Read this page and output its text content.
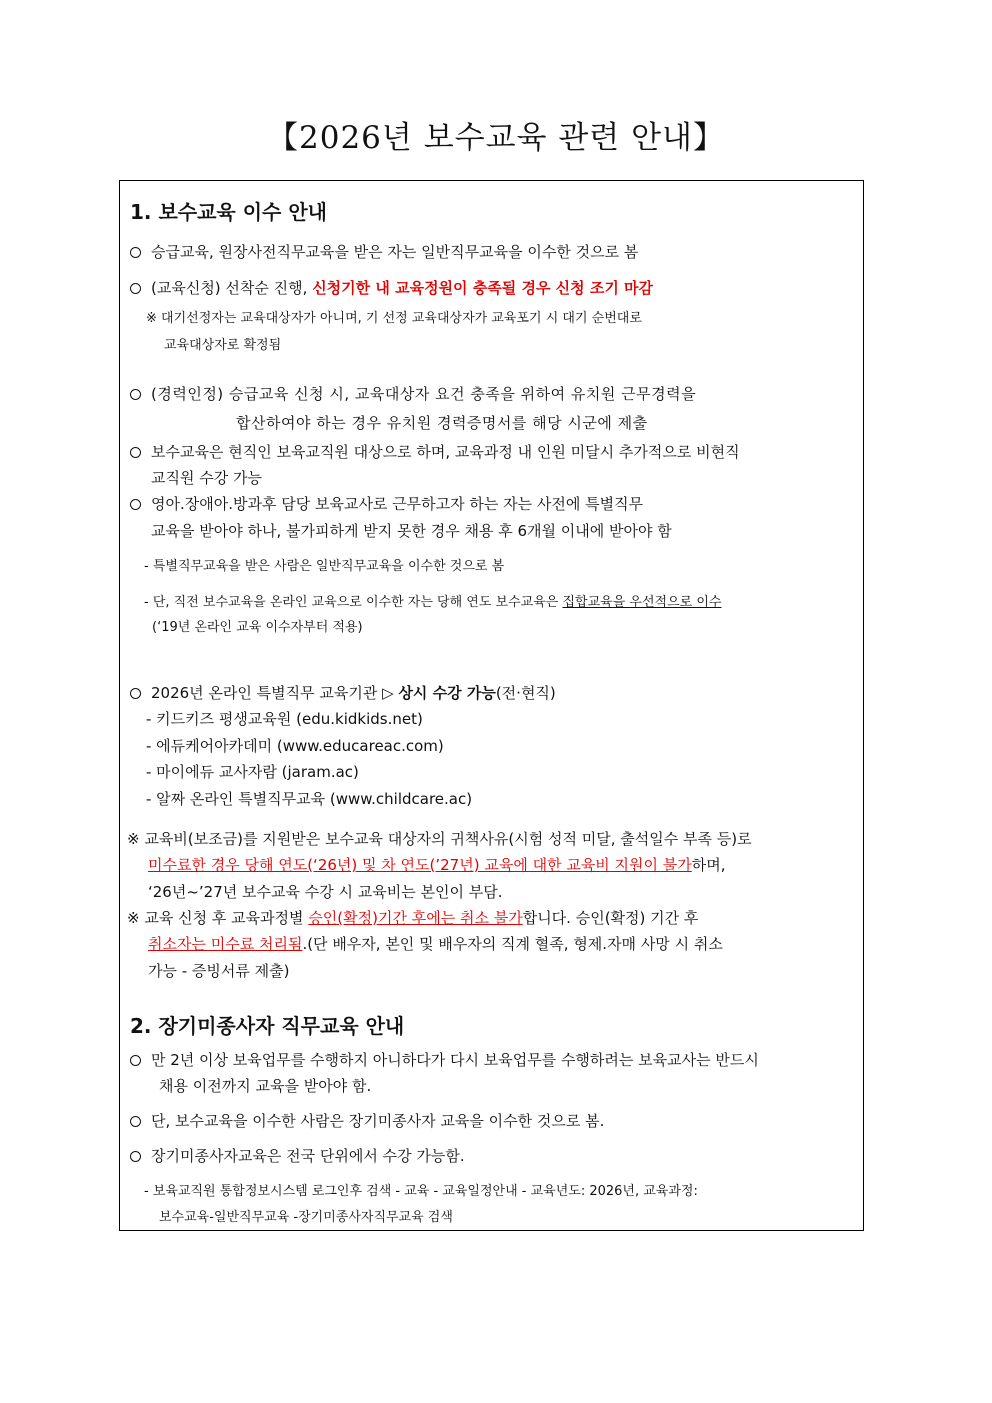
【2026년 보수교육 관련 안내】
1. 보수교육 이수 안내
승급교육, 원장사전직무교육을 받은 자는 일반직무교육을 이수한 것으로 봄
(교육신청) 선착순 진행, 신청기한 내 교육정원이 충족될 경우 신청 조기 마감
※ 대기선정자는 교육대상자가 아니며, 기 선정 교육대상자가 교육포기 시 대기 순번대로
교육대상자로 확정됨
(경력인정) 승급교육 신청 시, 교육대상자 요건 충족을 위하여 유치원 근무경력을
합산하여야 하는 경우 유치원 경력증명서를 해당 시군에 제출
보수교육은 현직인 보육교직원 대상으로 하며, 교육과정 내 인원 미달시 추가적으로 비현직
교직원 수강 가능
영아.장애아.방과후 담당 보육교사로 근무하고자 하는 자는 사전에 특별직무
교육을 받아야 하나, 불가피하게 받지 못한 경우 채용 후 6개월 이내에 받아야 함
- 특별직무교육을 받은 사람은 일반직무교육을 이수한 것으로 봄
- 단, 직전 보수교육을 온라인 교육으로 이수한 자는 당해 연도 보수교육은 집합교육을 우선적으로 이수
(‘19년 온라인 교육 이수자부터 적용)
2026년 온라인 특별직무 교육기관 ▷ 상시 수강 가능(전·현직)
- 키드키즈 평생교육원 (edu.kidkids.net)
- 에듀케어아카데미 (www.educareac.com)
- 마이에듀 교사자람 (jaram.ac)
- 알짜 온라인 특별직무교육 (www.childcare.ac)
※ 교육비(보조금)를 지원받은 보수교육 대상자의 귀책사유(시험 성적 미달, 출석일수 부족 등)로
미수료한 경우 당해 연도(‘26년) 및 차 연도(’27년) 교육에 대한 교육비 지원이 불가하며,
‘26년~’27년 보수교육 수강 시 교육비는 본인이 부담.
※ 교육 신청 후 교육과정별 승인(확정)기간 후에는 취소 불가합니다. 승인(확정) 기간 후
취소자는 미수료 처리됨.(단 배우자, 본인 및 배우자의 직계 혈족, 형제.자매 사망 시 취소
가능 - 증빙서류 제출)
2. 장기미종사자 직무교육 안내
만 2년 이상 보육업무를 수행하지 아니하다가 다시 보육업무를 수행하려는 보육교사는 반드시
채용 이전까지 교육을 받아야 함.
단, 보수교육을 이수한 사람은 장기미종사자 교육을 이수한 것으로 봄.
장기미종사자교육은 전국 단위에서 수강 가능함.
- 보육교직원 통합정보시스템 로그인후 검색 - 교육 - 교육일정안내 - 교육년도: 2026년, 교육과정:
보수교육-일반직무교육 -장기미종사자직무교육 검색
